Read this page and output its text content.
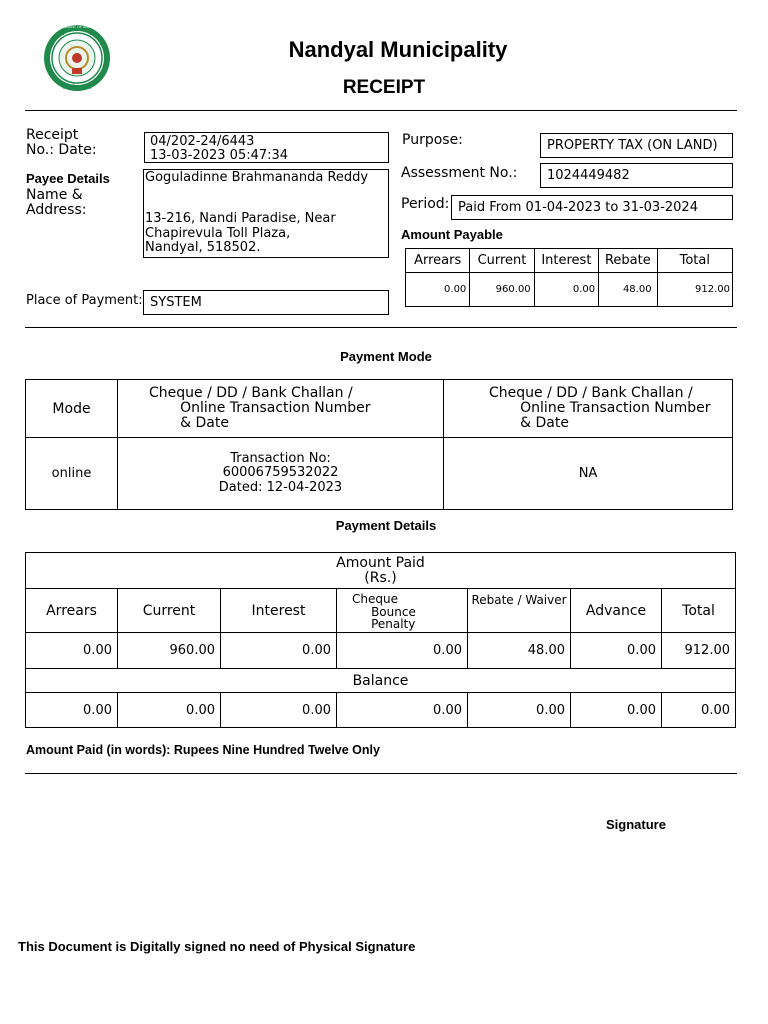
सत्यमेव जयते
GOVERNMENT OF ANDHRA PRADESH
Nandyal Municipality
RECEIPT
Receipt
No.: Date:
04/202-24/6443
13-03-2023 05:47:34
Payee Details
Name &
Address:
Goguladinne Brahmananda Reddy
13-216, Nandi Paradise, Near
Chapirevula Toll Plaza,
Nandyal, 518502.
Place of Payment: SYSTEM
Purpose:	PROPERTY TAX (ON LAND)
Assessment No.: 1024449482
Period: Paid From 01-04-2023 to 31-03-2024
Amount Payable
Arrears	Current	Interest	Rebate	Total
0.00	960.00	0.00	48.00	912.00
Payment Mode
Mode	Cheque / DD / Bank Challan /
Online Transaction Number
& Date	Cheque / DD / Bank Challan /
Online Transaction Number
& Date
online	Transaction No:
60006759532022
Dated: 12-04-2023	NA
Payment Details
Amount Paid
(Rs.)						
Arrears	Current	Interest	Cheque
Bounce
Penalty	Rebate / Waiver	Advance	Total
0.00	960.00	0.00	0.00	48.00	0.00	912.00
Balance						
0.00	0.00	0.00	0.00	0.00	0.00	0.00
Amount Paid (in words): Rupees Nine Hundred Twelve Only
Signature
This Document is Digitally signed no need of Physical Signature
